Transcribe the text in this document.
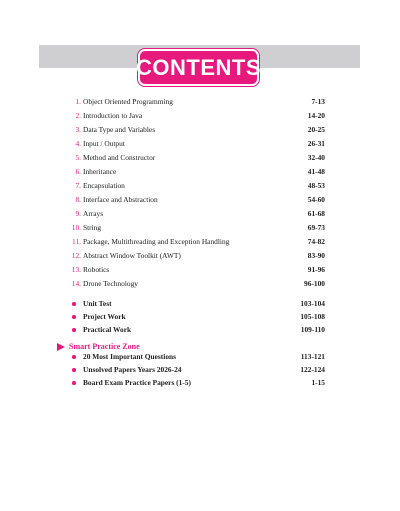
CONTENTS
1. Object Oriented Programming	7-13
2. Introduction to Java	14-20
3. Data Type and Variables	20-25
4. Input / Output	26-31
5. Method and Constructor	32-40
6. Inheritance	41-48
7. Encapsulation	48-53
8. Interface and Abstraction	54-60
9. Arrays	61-68
10. String	69-73
11. Package, Multithreading and Exception Handling	74-82
12. Abstract Window Toolkit (AWT)	83-90
13. Robotics	91-96
14. Drone Technology	96-100
Unit Test	103-104
Project Work	105-108
Practical Work	109-110
Smart Practice Zone
20 Most Important Questions	113-121
Unsolved Papers Years 2026-24	122-124
Board Exam Practice Papers (1-5)	1-15
